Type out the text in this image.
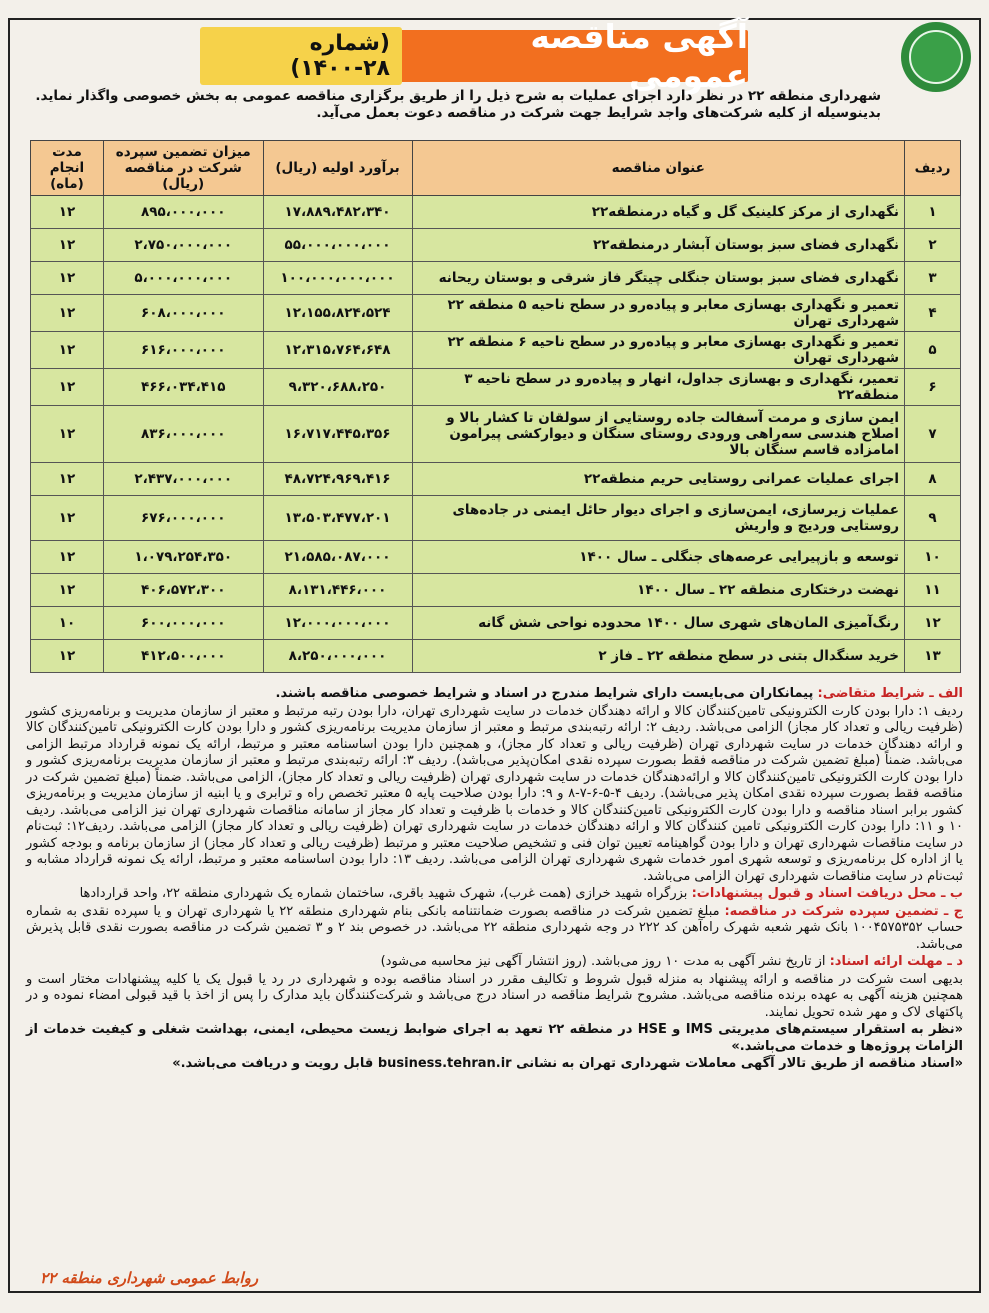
آگهی مناقصه عمومی
(شماره ۲۸-۱۴۰۰)
شهرداری منطقه ۲۲ در نظر دارد اجرای عملیات به شرح ذیل را از طریق برگزاری مناقصه عمومی به بخش خصوصی واگذار نماید.
بدینوسیله از کلیه شرکت‌های واجد شرایط جهت شرکت در مناقصه دعوت بعمل می‌آید.
ردیف	عنوان مناقصه	برآورد اولیه (ریال)	میزان تضمین سپرده شرکت در مناقصه (ریال)	مدت انجام (ماه)
۱	نگهداری از مرکز کلینیک گل و گیاه درمنطقه۲۲	۱۷،۸۸۹،۴۸۲،۳۴۰	۸۹۵،۰۰۰،۰۰۰	۱۲
۲	نگهداری فضای سبز بوستان آبشار درمنطقه۲۲	۵۵،۰۰۰،۰۰۰،۰۰۰	۲،۷۵۰،۰۰۰،۰۰۰	۱۲
۳	نگهداری فضای سبز بوستان جنگلی چیتگر فاز شرقی و بوستان ریحانه	۱۰۰،۰۰۰،۰۰۰،۰۰۰	۵،۰۰۰،۰۰۰،۰۰۰	۱۲
۴	تعمیر و نگهداری بهسازی معابر و پیاده‌رو در سطح ناحیه ۵ منطقه ۲۲ شهرداری تهران	۱۲،۱۵۵،۸۲۴،۵۲۴	۶۰۸،۰۰۰،۰۰۰	۱۲
۵	تعمیر و نگهداری بهسازی معابر و پیاده‌رو در سطح ناحیه ۶ منطقه ۲۲ شهرداری تهران	۱۲،۳۱۵،۷۶۴،۶۴۸	۶۱۶،۰۰۰،۰۰۰	۱۲
۶	تعمیر، نگهداری و بهسازی جداول، انهار و پیاده‌رو در سطح ناحیه ۳ منطقه۲۲	۹،۳۲۰،۶۸۸،۲۵۰	۴۶۶،۰۳۴،۴۱۵	۱۲
۷	ایمن سازی و مرمت آسفالت جاده روستایی از سولقان تا کشار بالا و اصلاح هندسی سه‌راهی ورودی روستای سنگان و دیوارکشی پیرامون امامزاده قاسم سنگان بالا	۱۶،۷۱۷،۴۴۵،۳۵۶	۸۳۶،۰۰۰،۰۰۰	۱۲
۸	اجرای عملیات عمرانی روستایی حریم منطقه۲۲	۴۸،۷۲۴،۹۶۹،۴۱۶	۲،۴۳۷،۰۰۰،۰۰۰	۱۲
۹	عملیات زیرسازی، ایمن‌سازی و اجرای دیوار حائل ایمنی در جاده‌های روستایی وردیج و واریش	۱۳،۵۰۳،۴۷۷،۲۰۱	۶۷۶،۰۰۰،۰۰۰	۱۲
۱۰	توسعه و بازپیرایی عرصه‌های جنگلی ـ سال ۱۴۰۰	۲۱،۵۸۵،۰۸۷،۰۰۰	۱،۰۷۹،۲۵۴،۳۵۰	۱۲
۱۱	نهضت درختکاری منطقه ۲۲ ـ سال ۱۴۰۰	۸،۱۳۱،۴۴۶،۰۰۰	۴۰۶،۵۷۲،۳۰۰	۱۲
۱۲	رنگ‌آمیزی المان‌های شهری سال ۱۴۰۰ محدوده نواحی شش گانه	۱۲،۰۰۰،۰۰۰،۰۰۰	۶۰۰،۰۰۰،۰۰۰	۱۰
۱۳	خرید سنگدال بتنی در سطح منطقه ۲۲ ـ فاز ۲	۸،۲۵۰،۰۰۰،۰۰۰	۴۱۲،۵۰۰،۰۰۰	۱۲

الف ـ شرایط متقاضی: پیمانکاران می‌بایست دارای شرایط مندرج در اسناد و شرایط خصوصی مناقصه باشند.

ردیف ۱: دارا بودن کارت الکترونیکی تامین‌کنندگان کالا و ارائه دهندگان خدمات در سایت شهرداری تهران، دارا بودن رتبه مرتبط و معتبر از سازمان مدیریت و برنامه‌ریزی کشور (ظرفیت ریالی و تعداد کار مجاز) الزامی می‌باشد. ردیف ۲: ارائه رتبه‌بندی مرتبط و معتبر از سازمان مدیریت برنامه‌ریزی کشور و دارا بودن کارت الکترونیکی تامین‌کنندگان کالا و ارائه دهندگان خدمات در سایت شهرداری تهران (ظرفیت ریالی و تعداد کار مجاز)، و همچنین دارا بودن اساسنامه معتبر و مرتبط، ارائه یک نمونه قرارداد مرتبط الزامی می‌باشد. ضمناً (مبلغ تضمین شرکت در مناقصه فقط بصورت سپرده نقدی امکان‌پذیر می‌باشد). ردیف ۳: ارائه رتبه‌بندی مرتبط و معتبر از سازمان مدیریت برنامه‌ریزی کشور و دارا بودن کارت الکترونیکی تامین‌کنندگان کالا و ارائه‌دهندگان خدمات در سایت شهرداری تهران (ظرفیت ریالی و تعداد کار مجاز)، الزامی می‌باشد. ضمناً (مبلغ تضمین شرکت در مناقصه فقط بصورت سپرده نقدی امکان پذیر می‌باشد). ردیف ۴-۵-۶-۷-۸ و ۹: دارا بودن صلاحیت پایه ۵ معتبر تخصص راه و ترابری و یا ابنیه از سازمان مدیریت و برنامه‌ریزی کشور برابر اسناد مناقصه و دارا بودن کارت الکترونیکی تامین‌کنندگان کالا و خدمات با ظرفیت و تعداد کار مجاز از سامانه مناقصات شهرداری تهران نیز الزامی می‌باشد. ردیف ۱۰ و ۱۱: دارا بودن کارت الکترونیکی تامین کنندگان کالا و ارائه دهندگان خدمات در سایت شهرداری تهران (ظرفیت ریالی و تعداد کار مجاز) الزامی می‌باشد. ردیف۱۲: ثبت‌نام در سایت مناقصات شهرداری تهران و دارا بودن گواهینامه تعیین توان فنی و تشخیص صلاحیت معتبر و مرتبط (ظرفیت ریالی و تعداد کار مجاز) از سازمان برنامه و بودجه کشور یا از اداره کل برنامه‌ریزی و توسعه شهری امور خدمات شهری شهرداری تهران الزامی می‌باشد. ردیف ۱۳: دارا بودن اساسنامه معتبر و مرتبط، ارائه یک نمونه قرارداد مشابه و ثبت‌نام در سایت مناقصات شهرداری تهران الزامی می‌باشد.

ب ـ محل دریافت اسناد و قبول پیشنهادات: بزرگراه شهید خرازی (همت غرب)، شهرک شهید باقری، ساختمان شماره یک شهرداری منطقه ۲۲، واحد قراردادها

ج ـ تضمین سپرده شرکت در مناقصه: مبلغ تضمین شرکت در مناقصه بصورت ضمانتنامه بانکی بنام شهرداری منطقه ۲۲ یا شهرداری تهران و یا سپرده نقدی به شماره حساب ۱۰۰۴۵۷۵۳۵۲ بانک شهر شعبه شهرک راه‌آهن کد ۲۲۲ در وجه شهرداری منطقه ۲۲ می‌باشد. در خصوص بند ۲ و ۳ تضمین شرکت در مناقصه بصورت نقدی قابل پذیرش می‌باشد.

د ـ مهلت ارائه اسناد: از تاریخ نشر آگهی به مدت ۱۰ روز می‌باشد. (روز انتشار آگهی نیز محاسبه می‌شود)

بدیهی است شرکت در مناقصه و ارائه پیشنهاد به منزله قبول شروط و تکالیف مقرر در اسناد مناقصه بوده و شهرداری در رد یا قبول یک یا کلیه پیشنهادات مختار است و همچنین هزینه آگهی به عهده برنده مناقصه می‌باشد. مشروح شرایط مناقصه در اسناد درج می‌باشد و شرکت‌کنندگان باید مدارک را پس از اخذ با قید قبولی امضاء نموده و در پاکتهای لاک و مهر شده تحویل نمایند.

«نظر به استقرار سیستم‌های مدیریتی IMS و HSE در منطقه ۲۲ تعهد به اجرای ضوابط زیست محیطی، ایمنی، بهداشت شغلی و کیفیت خدمات از الزامات پروژه‌ها و خدمات می‌باشد.»

«اسناد مناقصه از طریق تالار آگهی معاملات شهرداری تهران به نشانی business.tehran.ir قابل رویت و دریافت می‌باشد.»

روابط عمومی شهرداری منطقه ۲۲
